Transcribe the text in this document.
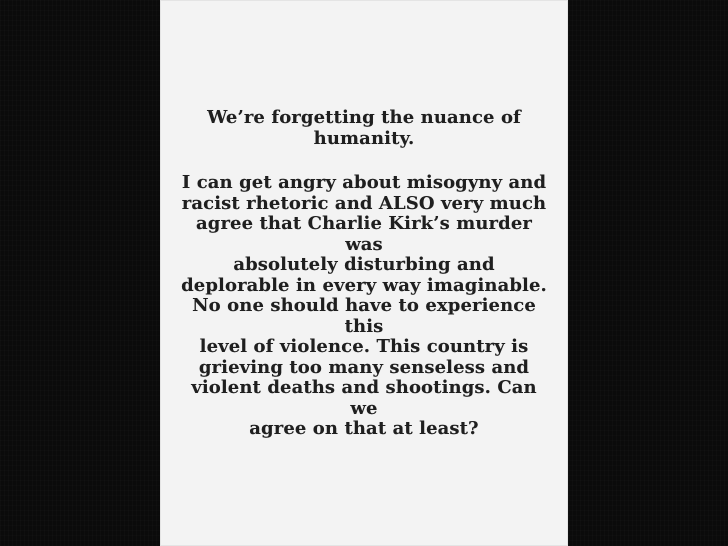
We’re forgetting the nuance of
humanity.

I can get angry about misogyny and
racist rhetoric and ALSO very much
agree that Charlie Kirk’s murder was
absolutely disturbing and
deplorable in every way imaginable.
No one should have to experience this
level of violence. This country is
grieving too many senseless and
violent deaths and shootings. Can we
agree on that at least?
